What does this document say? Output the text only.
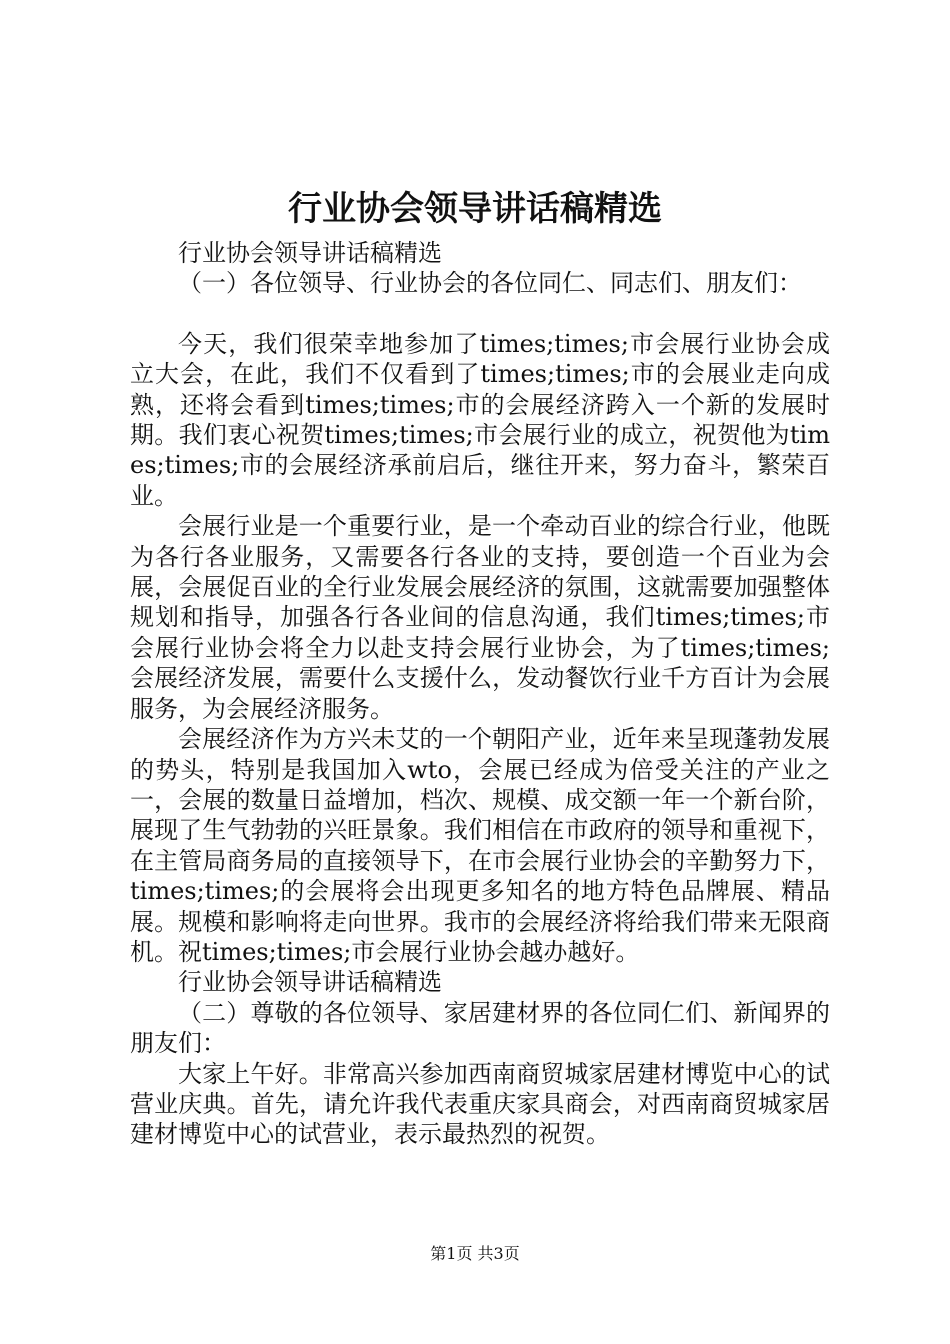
行业协会领导讲话稿精选

行业协会领导讲话稿精选

（一）各位领导、行业协会的各位同仁、同志们、朋友们：

今天，我们很荣幸地参加了times;times;市会展行业协会成立大会，在此，我们不仅看到了times;times;市的会展业走向成熟，还将会看到times;times;市的会展经济跨入一个新的发展时期。我们衷心祝贺times;times;市会展行业的成立，祝贺他为times;times;市的会展经济承前启后，继往开来，努力奋斗，繁荣百业。

会展行业是一个重要行业，是一个牵动百业的综合行业，他既为各行各业服务，又需要各行各业的支持，要创造一个百业为会展，会展促百业的全行业发展会展经济的氛围，这就需要加强整体规划和指导，加强各行各业间的信息沟通，我们times;times;市会展行业协会将全力以赴支持会展行业协会，为了times;times;会展经济发展，需要什么支援什么，发动餐饮行业千方百计为会展服务，为会展经济服务。

会展经济作为方兴未艾的一个朝阳产业，近年来呈现蓬勃发展的势头，特别是我国加入wto，会展已经成为倍受关注的产业之一，会展的数量日益增加，档次、规模、成交额一年一个新台阶，展现了生气勃勃的兴旺景象。我们相信在市政府的领导和重视下，在主管局商务局的直接领导下，在市会展行业协会的辛勤努力下，times;times;的会展将会出现更多知名的地方特色品牌展、精品展。规模和影响将走向世界。我市的会展经济将给我们带来无限商机。祝times;times;市会展行业协会越办越好。

行业协会领导讲话稿精选

（二）尊敬的各位领导、家居建材界的各位同仁们、新闻界的朋友们：

大家上午好。非常高兴参加西南商贸城家居建材博览中心的试营业庆典。首先，请允许我代表重庆家具商会，对西南商贸城家居建材博览中心的试营业，表示最热烈的祝贺。

第1页 共3页
